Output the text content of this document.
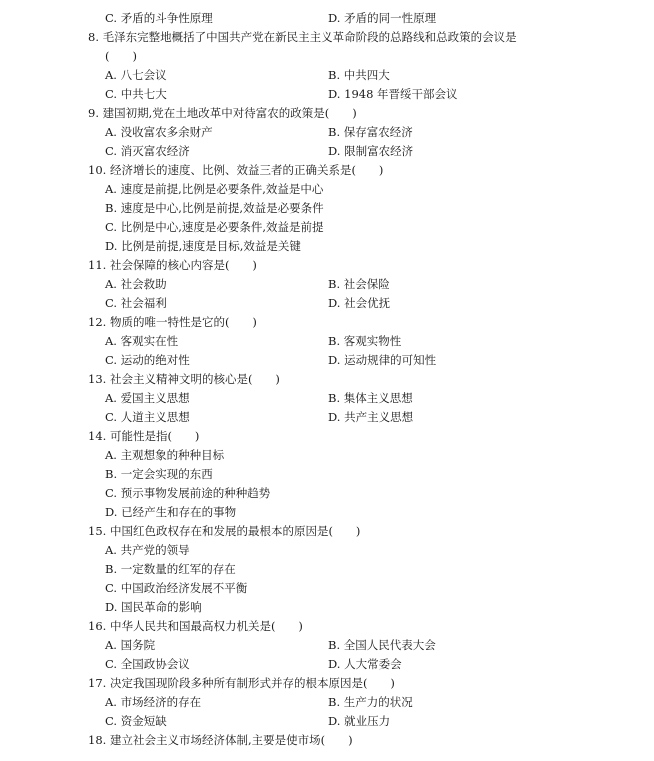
C. 矛盾的斗争性原理	D. 矛盾的同一性原理
8. 毛泽东完整地概括了中国共产党在新民主主义革命阶段的总路线和总政策的会议是
(　　)
A. 八七会议	B. 中共四大
C. 中共七大	D. 1948 年晋绥干部会议
9. 建国初期,党在土地改革中对待富农的政策是(　　)
A. 没收富农多余财产	B. 保存富农经济
C. 消灭富农经济	D. 限制富农经济
10. 经济增长的速度、比例、效益三者的正确关系是(　　)
A. 速度是前提,比例是必要条件,效益是中心
B. 速度是中心,比例是前提,效益是必要条件
C. 比例是中心,速度是必要条件,效益是前提
D. 比例是前提,速度是目标,效益是关键
11. 社会保障的核心内容是(　　)
A. 社会救助	B. 社会保险
C. 社会福利	D. 社会优抚
12. 物质的唯一特性是它的(　　)
A. 客观实在性	B. 客观实物性
C. 运动的绝对性	D. 运动规律的可知性
13. 社会主义精神文明的核心是(　　)
A. 爱国主义思想	B. 集体主义思想
C. 人道主义思想	D. 共产主义思想
14. 可能性是指(　　)
A. 主观想象的种种目标
B. 一定会实现的东西
C. 预示事物发展前途的种种趋势
D. 已经产生和存在的事物
15. 中国红色政权存在和发展的最根本的原因是(　　)
A. 共产党的领导
B. 一定数量的红军的存在
C. 中国政治经济发展不平衡
D. 国民革命的影响
16. 中华人民共和国最高权力机关是(　　)
A. 国务院	B. 全国人民代表大会
C. 全国政协会议	D. 人大常委会
17. 决定我国现阶段多种所有制形式并存的根本原因是(　　)
A. 市场经济的存在	B. 生产力的状况
C. 资金短缺	D. 就业压力
18. 建立社会主义市场经济体制,主要是使市场(　　)
